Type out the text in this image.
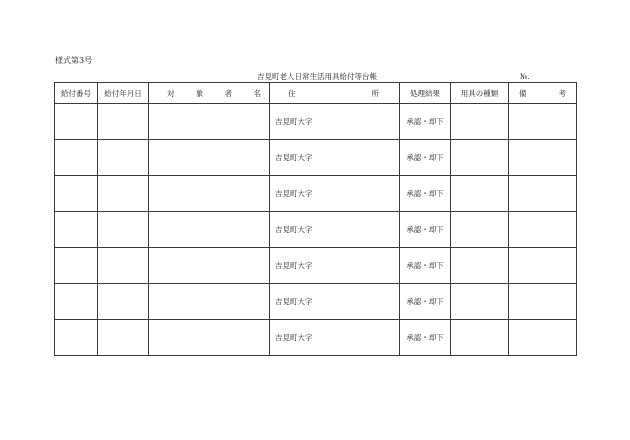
様式第3号
吉見町老人日常生活用具給付等台帳	№.
給付番号	給付年月日	対 象 者 名	住 所	処理結果	用具の種類	備 考

			吉見町大字	承認・却下		
			吉見町大字	承認・却下		
			吉見町大字	承認・却下		
			吉見町大字	承認・却下		
			吉見町大字	承認・却下		
			吉見町大字	承認・却下		
			吉見町大字	承認・却下		
